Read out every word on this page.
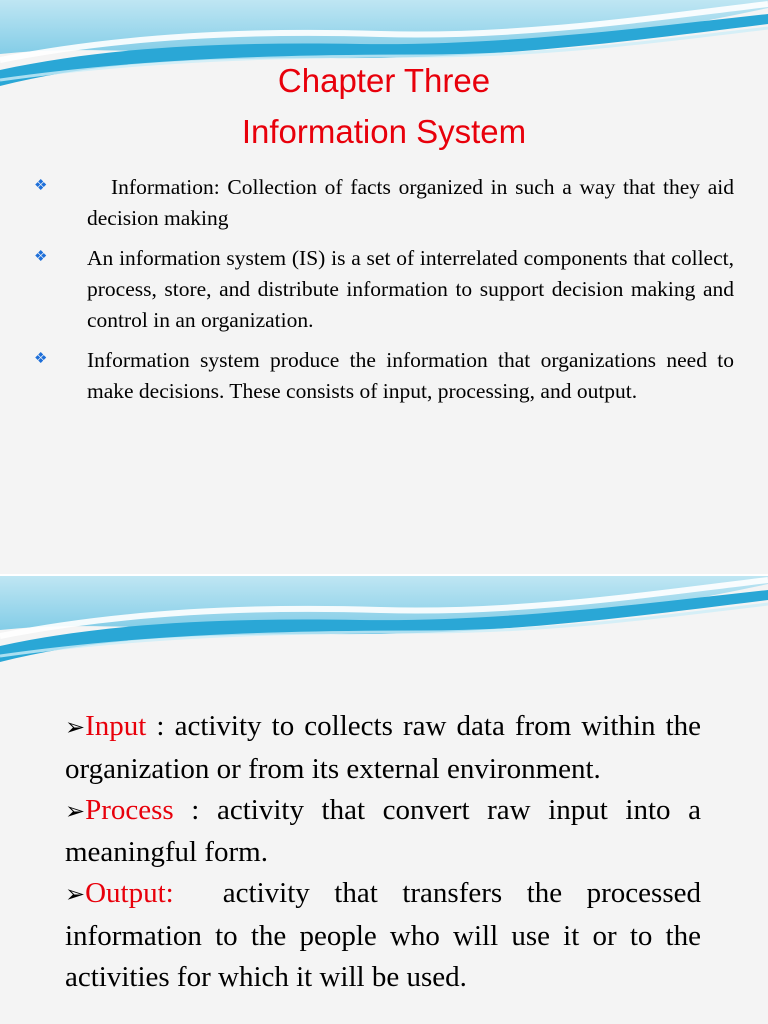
Chapter Three
Information System
❖	Information: Collection of facts organized in such a way that they aid decision making
❖ An information system (IS) is a set of interrelated components that collect, process, store, and distribute information to support decision making and control in an organization.
❖ Information system produce the information that organizations need to make decisions. These consists of input, processing, and output.

➢Input : activity to collects raw data from within the organization or from its external environment.

➢Process : activity that convert raw input into a meaningful form.

➢Output: activity that transfers the processed information to the people who will use it or to the activities for which it will be used.
